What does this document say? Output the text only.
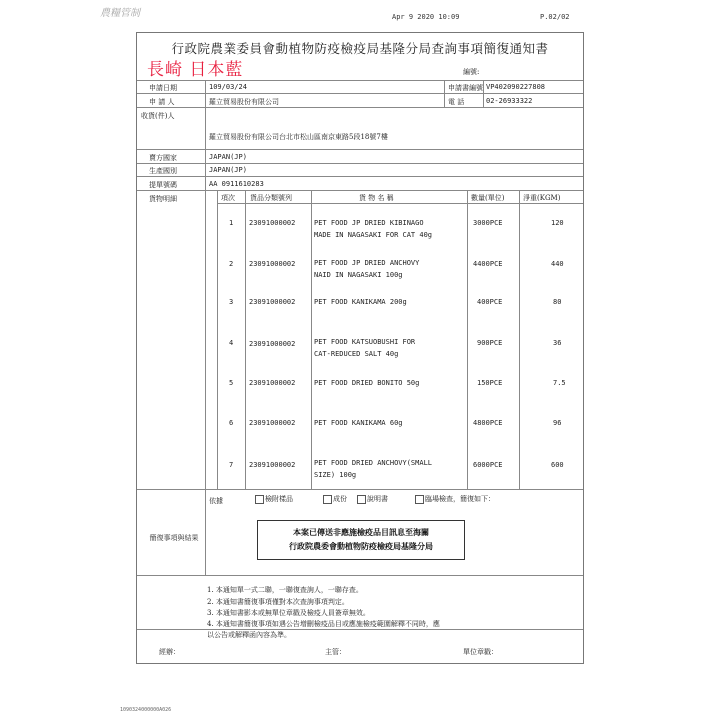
農糧管制	Apr 9 2020 10:09	P.02/02
行政院農業委員會動植物防疫檢疫局基隆分局查詢事項簡復通知書
長崎 日本藍	編號:
申請日期	109/03/24	申請書編號 VP402090227808
申 請 人	羅立貿易股份有限公司	電 話	02-26933322
收貨(件)人
羅立貿易股份有限公司台北市松山區南京東路5段18號7樓
賣方國家	JAPAN(JP)
生產國別	JAPAN(JP)
提單號碼	AA 0911610283
貨物明細	項次 貨品分類號列	貨 物 名 稱	數量(單位)	淨重(KGM)
1 23091000002	PET FOOD JP DRIED KIBINAGO
MADE IN NAGASAKI FOR CAT 40g
3000PCE	120
2 23091000002	PET FOOD JP DRIED ANCHOVY
NAID IN NAGASAKI 100g
4400PCE	440
3 23091000002	PET FOOD KANIKAMA 200g	400PCE	80
4 23091000002	PET FOOD KATSUOBUSHI FOR
CAT-REDUCED SALT 40g
900PCE	36
5 23091000002	PET FOOD DRIED BONITO 50g	150PCE	7.5
6 23091000002	PET FOOD KANIKAMA 60g	4800PCE	96
7 23091000002	PET FOOD DRIED ANCHOVY(SMALL
SIZE) 100g
6000PCE	600
依據	檢附樣品	成份	說明書	臨場檢查，簡復如下：
簡復事項與結果
本案已傳送非應施檢疫品目訊息至海關
行政院農委會動植物防疫檢疫局基隆分局
1. 本通知單一式二聯，一聯復查詢人，一聯存查。
2. 本通知書簡復事項僅對本次查詢事項判定。
3. 本通知書影本或無單位章戳及檢疫人員簽章無效。
4. 本通知書簡復事項如遇公告增刪檢疫品目或應施檢疫範圍解釋不同時，應
以公告或解釋函內容為準。
經辦：	主管：	單位章戳：
1090324000000A026
